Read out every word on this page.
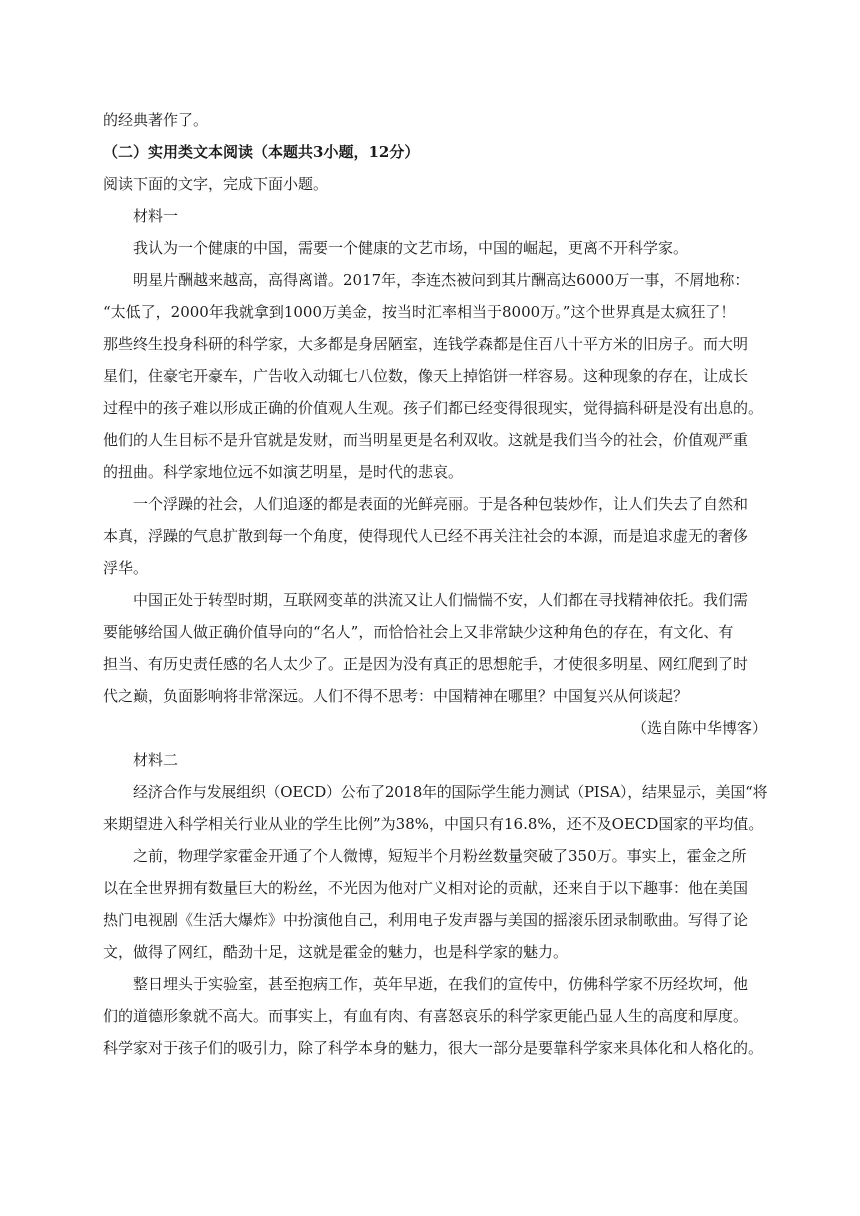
的经典著作了。

（二）实用类文本阅读（本题共3小题，12分）

阅读下面的文字，完成下面小题。

材料一

我认为一个健康的中国，需要一个健康的文艺市场，中国的崛起，更离不开科学家。

明星片酬越来越高，高得离谱。2017年，李连杰被问到其片酬高达6000万一事，不屑地称：

“太低了，2000年我就拿到1000万美金，按当时汇率相当于8000万。”这个世界真是太疯狂了！

那些终生投身科研的科学家，大多都是身居陋室，连钱学森都是住百八十平方米的旧房子。而大明

星们，住豪宅开豪车，广告收入动辄七八位数，像天上掉馅饼一样容易。这种现象的存在，让成长

过程中的孩子难以形成正确的价值观人生观。孩子们都已经变得很现实，觉得搞科研是没有出息的。

他们的人生目标不是升官就是发财，而当明星更是名利双收。这就是我们当今的社会，价值观严重

的扭曲。科学家地位远不如演艺明星，是时代的悲哀。

一个浮躁的社会，人们追逐的都是表面的光鲜亮丽。于是各种包装炒作，让人们失去了自然和

本真，浮躁的气息扩散到每一个角度，使得现代人已经不再关注社会的本源，而是追求虚无的奢侈

浮华。

中国正处于转型时期，互联网变革的洪流又让人们惴惴不安，人们都在寻找精神依托。我们需

要能够给国人做正确价值导向的“名人”，而恰恰社会上又非常缺少这种角色的存在，有文化、有

担当、有历史责任感的名人太少了。正是因为没有真正的思想舵手，才使很多明星、网红爬到了时

代之巅，负面影响将非常深远。人们不得不思考：中国精神在哪里？中国复兴从何谈起？

（选自陈中华博客）

材料二

经济合作与发展组织（OECD）公布了2018年的国际学生能力测试（PISA），结果显示，美国“将

来期望进入科学相关行业从业的学生比例”为38%，中国只有16.8%，还不及OECD国家的平均值。

之前，物理学家霍金开通了个人微博，短短半个月粉丝数量突破了350万。事实上，霍金之所

以在全世界拥有数量巨大的粉丝，不光因为他对广义相对论的贡献，还来自于以下趣事：他在美国

热门电视剧《生活大爆炸》中扮演他自己，利用电子发声器与美国的摇滚乐团录制歌曲。写得了论

文，做得了网红，酷劲十足，这就是霍金的魅力，也是科学家的魅力。

整日埋头于实验室，甚至抱病工作，英年早逝，在我们的宣传中，仿佛科学家不历经坎坷，他

们的道德形象就不高大。而事实上，有血有肉、有喜怒哀乐的科学家更能凸显人生的高度和厚度。

科学家对于孩子们的吸引力，除了科学本身的魅力，很大一部分是要靠科学家来具体化和人格化的。
